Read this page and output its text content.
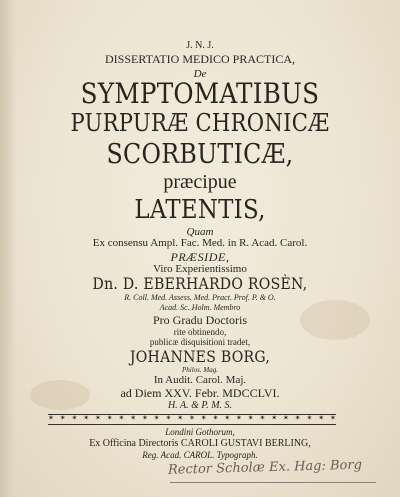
J. N. J.
DISSERTATIO MEDICO PRACTICA,
De
SYMPTOMATIBUS
PURPURÆ CHRONICÆ
SCORBUTICÆ,
præcipue
LATENTIS,
Quam
Ex consensu Ampl. Fac. Med. in R. Acad. Carol.
PRÆSIDE,
Viro Experientissimo
Dn. D. EBERHARDO ROSÈN,
R. Coll. Med. Assess. Med. Pract. Prof. P. & O.
Acad. Sc. Holm. Membro
Pro Gradu Doctoris
rite obtinendo,
publicæ disquisitioni tradet,
JOHANNES BORG,
Philos. Mag.
In Audit. Carol. Maj.
ad Diem XXV. Febr. MDCCLVI.
H. A. & P. M. S.
✶ ✶ ✶ ✶ ✶ ✶ ✶ ✶ ✶ ✶ ✶ ✶ ✶ ✶ ✶ ✶ ✶ ✶ ✶ ✶ ✶ ✶ ✶ ✶ ✶
Londini Gothorum,
Ex Officina Directoris CAROLI GUSTAVI BERLING,
Reg. Acad. CAROL. Typograph.
Rector Scholæ Ex. Hag: Borg
